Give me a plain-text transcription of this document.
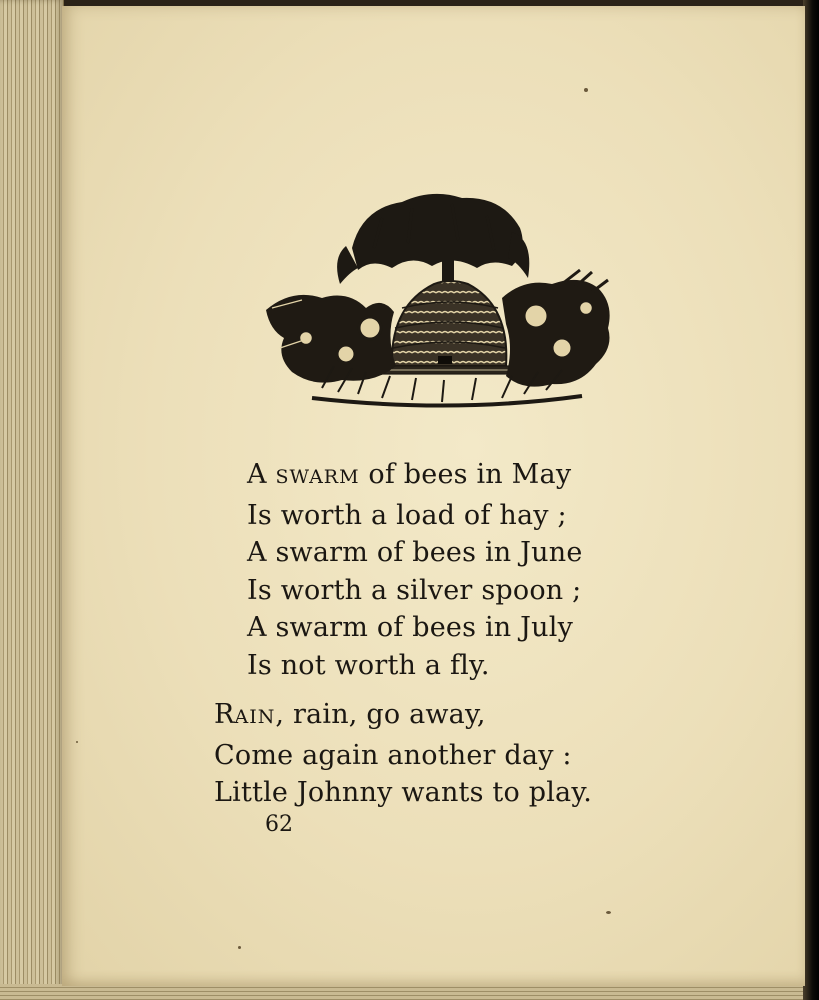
A SWARM of bees in May
Is worth a load of hay ;
A swarm of bees in June
Is worth a silver spoon ;
A swarm of bees in July
Is not worth a fly.
RAIN, rain, go away,
Come again another day :
Little Johnny wants to play.
62
